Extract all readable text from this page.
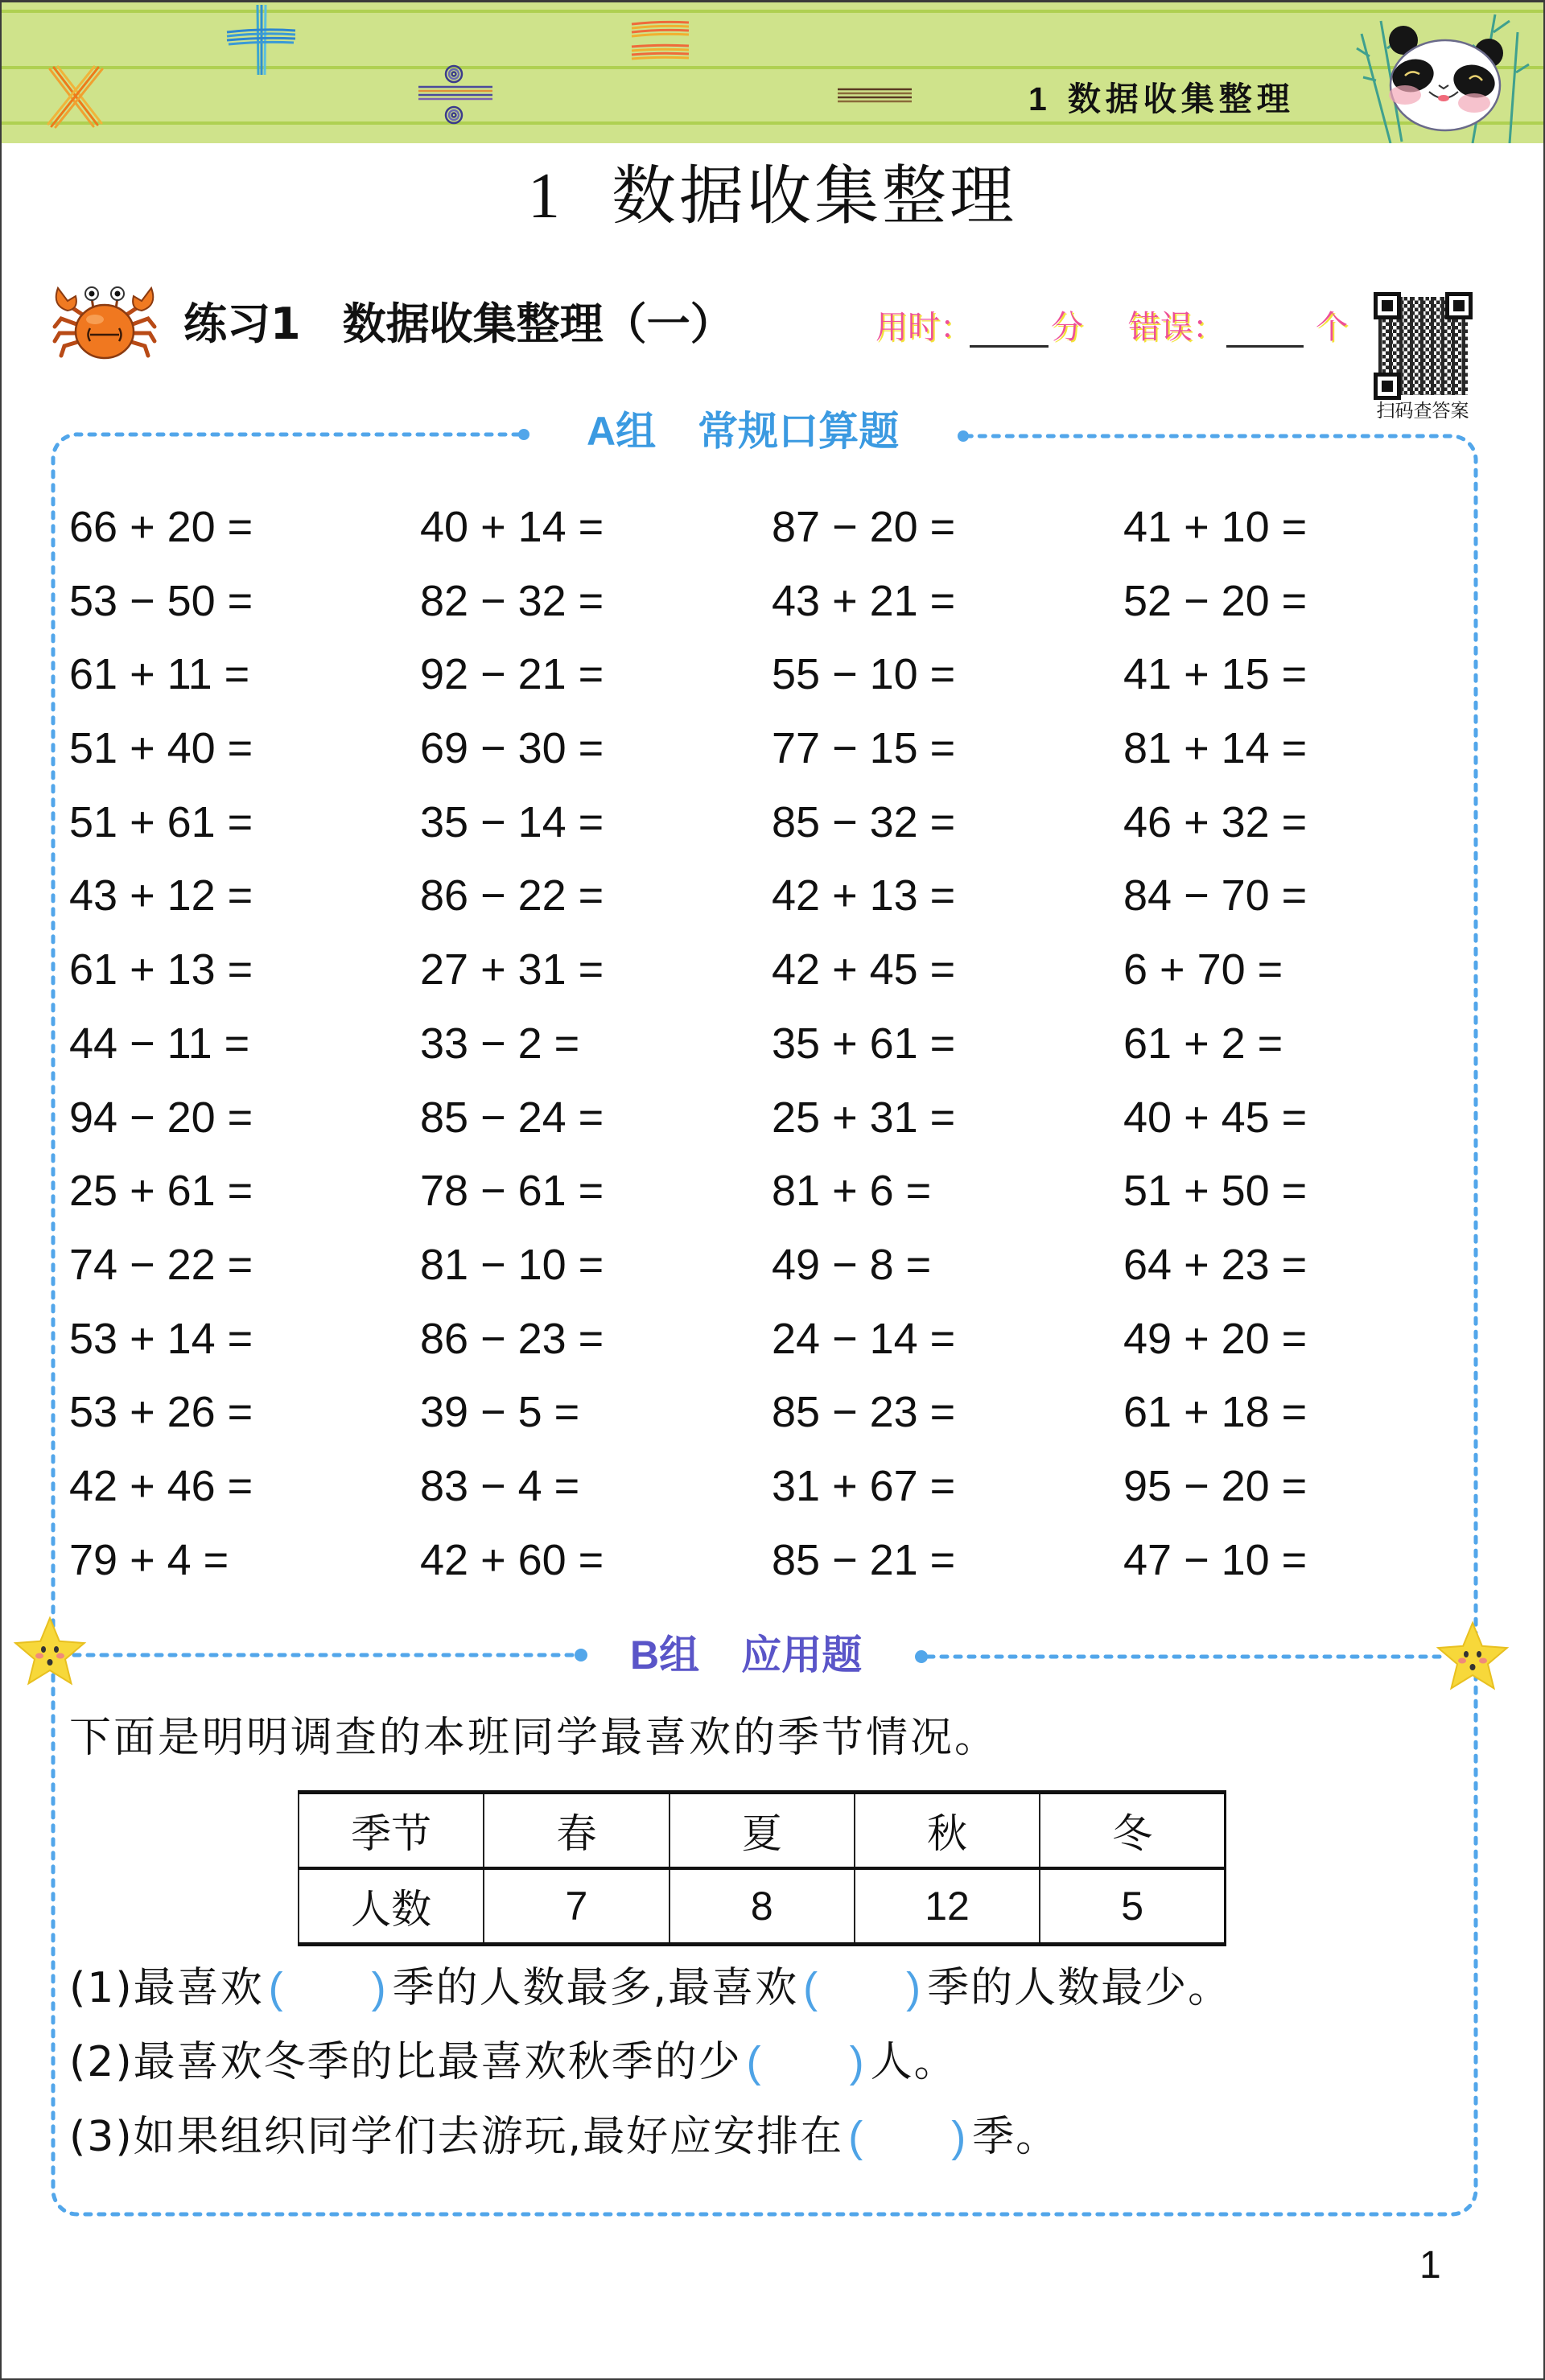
1 数据收集整理
1 数据收集整理
练习1 数据收集整理（一）	用时： 分 错误：	个
扫码查答案
A组 常规口算题
66 + 20 =	40 + 14 =	87 − 20 =	41 + 10 =
53 − 50 =	82 − 32 =	43 + 21 =	52 − 20 =
61 + 11 =	92 − 21 =	55 − 10 =	41 + 15 =
51 + 40 =	69 − 30 =	77 − 15 =	81 + 14 =
51 + 61 =	35 − 14 =	85 − 32 =	46 + 32 =
43 + 12 =	86 − 22 =	42 + 13 =	84 − 70 =
61 + 13 =	27 + 31 =	42 + 45 =	6 + 70 =
44 − 11 =	33 − 2 =	35 + 61 =	61 + 2 =
94 − 20 =	85 − 24 =	25 + 31 =	40 + 45 =
25 + 61 =	78 − 61 =	81 + 6 =	51 + 50 =
74 − 22 =	81 − 10 =	49 − 8 =	64 + 23 =
53 + 14 =	86 − 23 =	24 − 14 =	49 + 20 =
53 + 26 =	39 − 5 =	85 − 23 =	61 + 18 =
42 + 46 =	83 − 4 =	31 + 67 =	95 − 20 =
79 + 4 =	42 + 60 =	85 − 21 =	47 − 10 =
B组 应用题
下面是明明调查的本班同学最喜欢的季节情况。
季节	春	夏	秋	冬
人数	7	8	12	5
(1)最喜欢 ( ) 季的人数最多,最喜欢 ( ) 季的人数最少。
(2)最喜欢冬季的比最喜欢秋季的少 ( ) 人。
(3)如果组织同学们去游玩,最好应安排在 ( ) 季。
1
